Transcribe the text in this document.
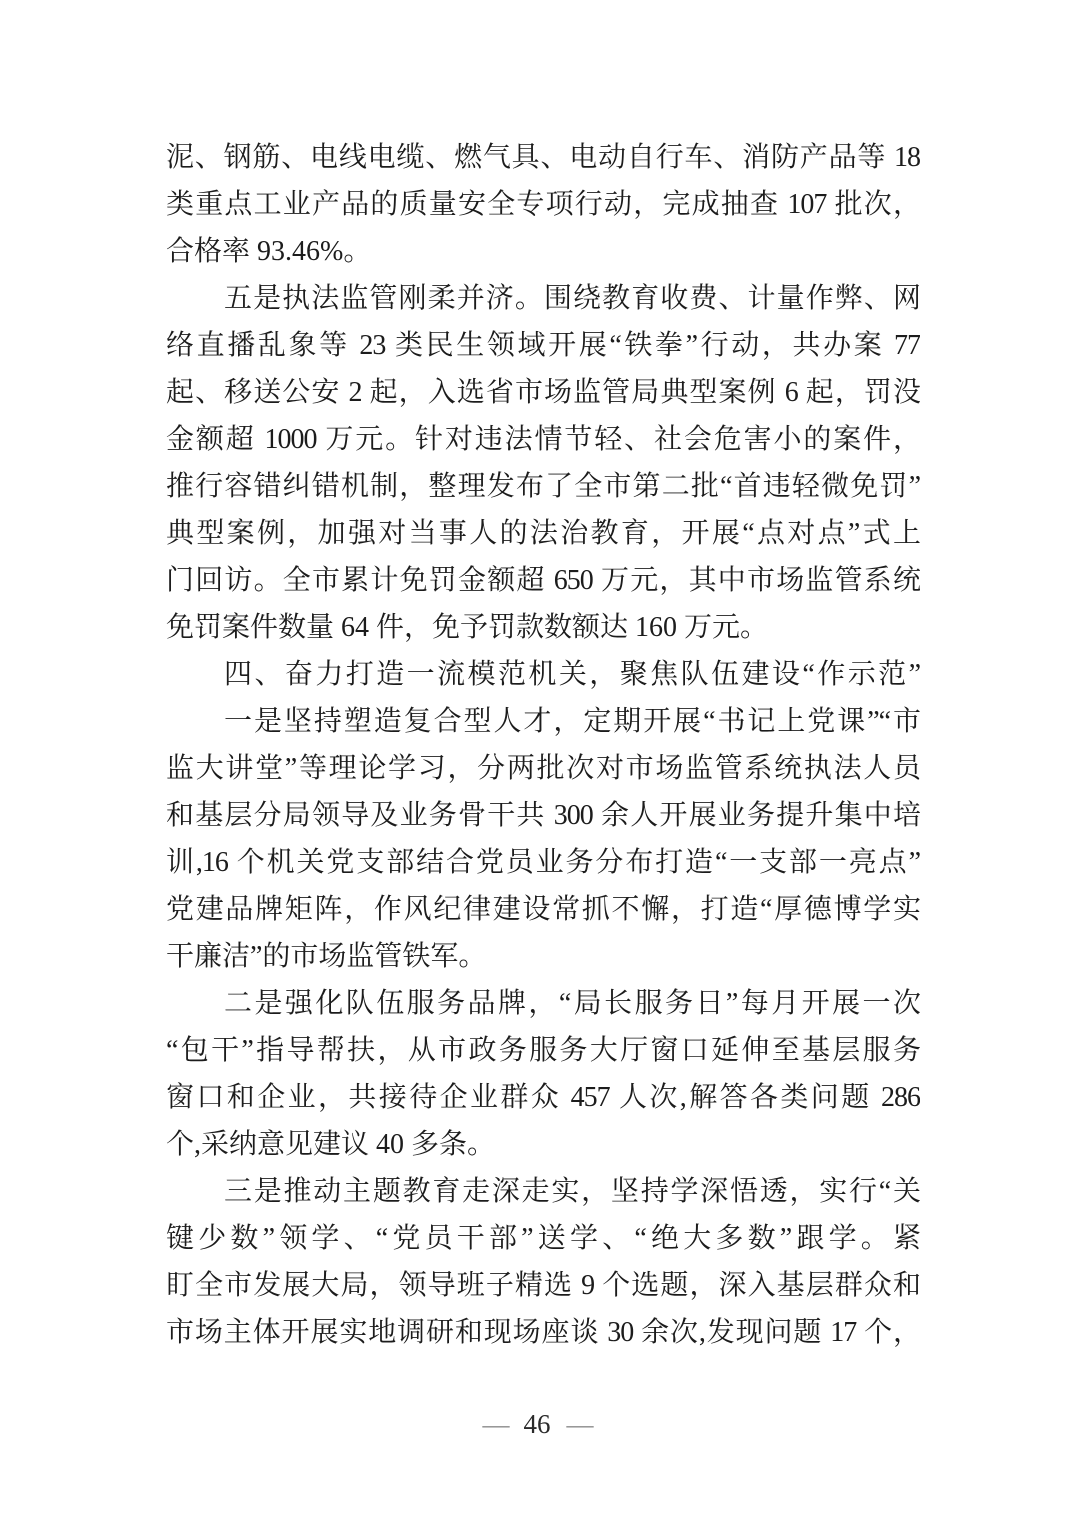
泥、钢筋、电线电缆、燃气具、电动自行车、消防产品等 18
类重点工业产品的质量安全专项行动，完成抽查 107 批次，
合格率 93.46%。
五是执法监管刚柔并济。围绕教育收费、计量作弊、网
络直播乱象等 23 类民生领域开展“铁拳”行动，共办案 77
起、移送公安 2 起，入选省市场监管局典型案例 6 起，罚没
金额超 1000 万元。针对违法情节轻、社会危害小的案件，
推行容错纠错机制，整理发布了全市第二批“首违轻微免罚”
典型案例，加强对当事人的法治教育，开展“点对点”式上
门回访。全市累计免罚金额超 650 万元，其中市场监管系统
免罚案件数量 64 件，免予罚款数额达 160 万元。
四、奋力打造一流模范机关，聚焦队伍建设“作示范”
一是坚持塑造复合型人才，定期开展“书记上党课”“市
监大讲堂”等理论学习，分两批次对市场监管系统执法人员
和基层分局领导及业务骨干共 300 余人开展业务提升集中培
训,16 个机关党支部结合党员业务分布打造“一支部一亮点”
党建品牌矩阵，作风纪律建设常抓不懈，打造“厚德博学实
干廉洁”的市场监管铁军。
二是强化队伍服务品牌，“局长服务日”每月开展一次
“包干”指导帮扶，从市政务服务大厅窗口延伸至基层服务
窗口和企业，共接待企业群众 457 人次,解答各类问题 286
个,采纳意见建议 40 多条。
三是推动主题教育走深走实，坚持学深悟透，实行“关
键少数”领学、“党员干部”送学、“绝大多数”跟学。紧
盯全市发展大局，领导班子精选 9 个选题，深入基层群众和
市场主体开展实地调研和现场座谈 30 余次,发现问题 17 个，
— 46 —
